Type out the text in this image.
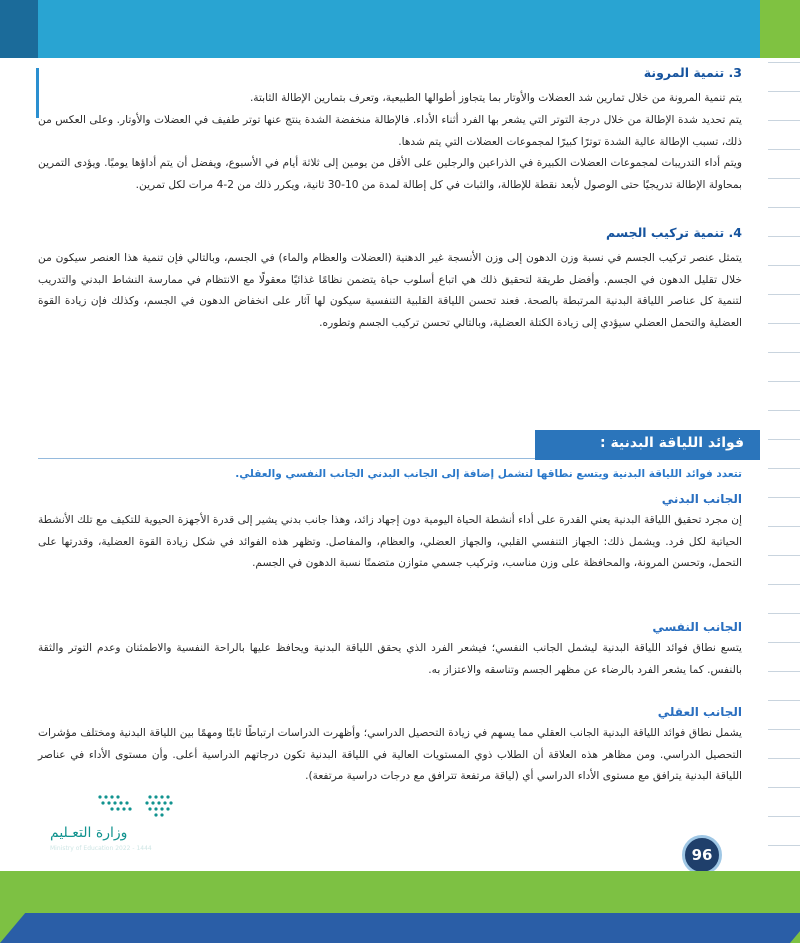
3. تنمية المرونة

يتم تنمية المرونة من خلال تمارين شد العضلات والأوتار بما يتجاوز أطوالها الطبيعية، وتعرف بتمارين الإطالة الثابتة.

يتم تحديد شدة الإطالة من خلال درجة التوتر التي يشعر بها الفرد أثناء الأداء. فالإطالة منخفضة الشدة ينتج عنها توتر طفيف في العضلات والأوتار. وعلى العكس من ذلك، تسبب الإطالة عالية الشدة توترًا كبيرًا لمجموعات العضلات التي يتم شدها.

ويتم أداء التدريبات لمجموعات العضلات الكبيرة في الذراعين والرجلين على الأقل من يومين إلى ثلاثة أيام في الأسبوع، ويفضل أن يتم أداؤها يوميًا. ويؤدى التمرين بمحاولة الإطالة تدريجيًا حتى الوصول لأبعد نقطة للإطالة، والثبات في كل إطالة لمدة من 10-30 ثانية، ويكرر ذلك من 2-4 مرات لكل تمرين.

4. تنمية تركيب الجسم

يتمثل عنصر تركيب الجسم في نسبة وزن الدهون إلى وزن الأنسجة غير الدهنية (العضلات والعظام والماء) في الجسم، وبالتالي فإن تنمية هذا العنصر سيكون من خلال تقليل الدهون في الجسم. وأفضل طريقة لتحقيق ذلك هي اتباع أسلوب حياة يتضمن نظامًا غذائيًا معقولًا مع الانتظام في ممارسة النشاط البدني والتدريب لتنمية كل عناصر اللياقة البدنية المرتبطة بالصحة. فعند تحسن اللياقة القلبية التنفسية سيكون لها آثار على انخفاض الدهون في الجسم، وكذلك فإن زيادة القوة العضلية والتحمل العضلي سيؤدي إلى زيادة الكتلة العضلية، وبالتالي تحسن تركيب الجسم وتطوره.

تتعدد فوائد اللياقة البدنية ويتسع نطاقها لتشمل إضافة إلى الجانب البدني الجانب النفسي والعقلي.

الجانب البدني

إن مجرد تحقيق اللياقة البدنية يعني القدرة على أداء أنشطة الحياة اليومية دون إجهاد زائد، وهذا جانب بدني يشير إلى قدرة الأجهزة الحيوية للتكيف مع تلك الأنشطة الحياتية لكل فرد. ويشمل ذلك: الجهاز التنفسي القلبي، والجهاز العضلي، والعظام، والمفاصل. وتظهر هذه الفوائد في شكل زيادة القوة العضلية، وقدرتها على التحمل، وتحسن المرونة، والمحافظة على وزن مناسب، وتركيب جسمي متوازن متضمنًا نسبة الدهون في الجسم.

الجانب النفسي

يتسع نطاق فوائد اللياقة البدنية ليشمل الجانب النفسي؛ فيشعر الفرد الذي يحقق اللياقة البدنية ويحافظ عليها بالراحة النفسية والاطمئنان وعدم التوتر والثقة بالنفس. كما يشعر الفرد بالرضاء عن مظهر الجسم وتناسقه والاعتزاز به.

الجانب العقلي

يشمل نطاق فوائد اللياقة البدنية الجانب العقلي مما يسهم في زيادة التحصيل الدراسي؛ وأظهرت الدراسات ارتباطًا ثابتًا ومهمًا بين اللياقة البدنية ومختلف مؤشرات التحصيل الدراسي. ومن مظاهر هذه العلاقة أن الطلاب ذوي المستويات العالية في اللياقة البدنية تكون درجاتهم الدراسية أعلى. وأن مستوى الأداء في عناصر اللياقة البدنية يترافق مع مستوى الأداء الدراسي أي (لياقة مرتفعة تترافق مع درجات دراسية مرتفعة).

فوائد اللياقة البدنية :

وزارة التعـليم

Ministry of Education 2022 - 1444	96
